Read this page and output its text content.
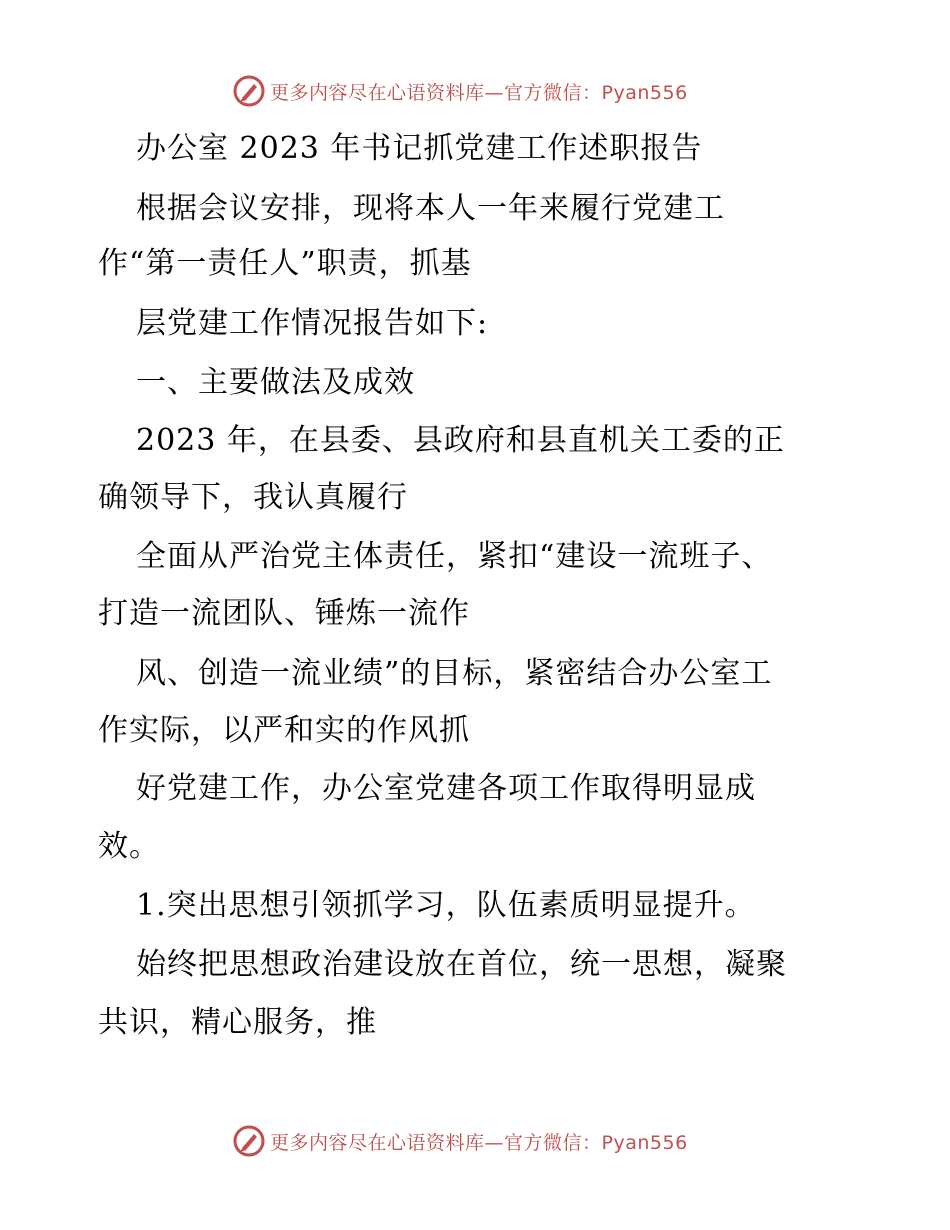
更多内容尽在心语资料库—官方微信：Pyan556
办公室 2023 年书记抓党建工作述职报告
根据会议安排，现将本人一年来履行党建工
作“第一责任人”职责，抓基
层党建工作情况报告如下:
一、主要做法及成效
2023 年，在县委、县政府和县直机关工委的正
确领导下，我认真履行
全面从严治党主体责任，紧扣“建设一流班子、
打造一流团队、锤炼一流作
风、创造一流业绩”的目标，紧密结合办公室工
作实际，以严和实的作风抓
好党建工作，办公室党建各项工作取得明显成
效。
1.突出思想引领抓学习，队伍素质明显提升。
始终把思想政治建设放在首位，统一思想，凝聚
共识，精心服务，推
更多内容尽在心语资料库—官方微信：Pyan556
